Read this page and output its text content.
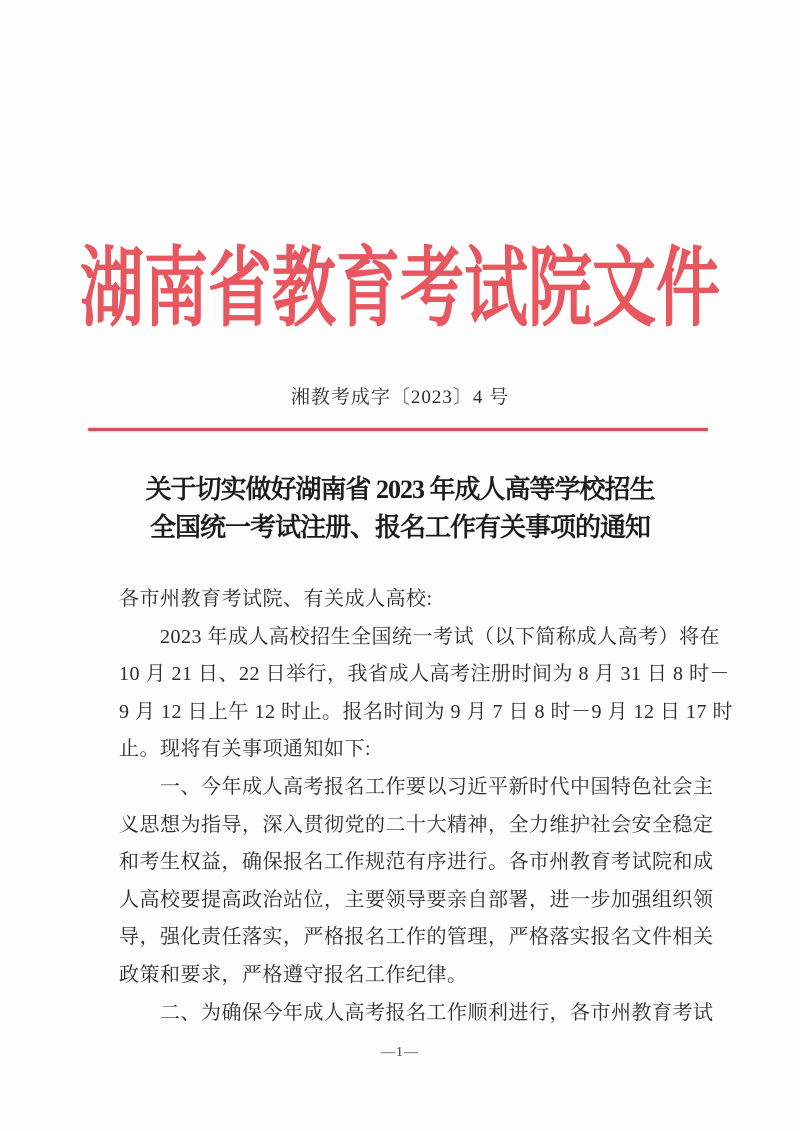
湖南省教育考试院文件
湘教考成字〔2023〕4 号
关于切实做好湖南省 2023 年成人高等学校招生
全国统一考试注册、报名工作有关事项的通知
各市州教育考试院、有关成人高校:
2023 年成人高校招生全国统一考试（以下简称成人高考）将在
10 月 21 日、22 日举行，我省成人高考注册时间为 8 月 31 日 8 时－
9 月 12 日上午 12 时止。报名时间为 9 月 7 日 8 时－9 月 12 日 17 时
止。现将有关事项通知如下:
一、今年成人高考报名工作要以习近平新时代中国特色社会主
义思想为指导，深入贯彻党的二十大精神，全力维护社会安全稳定
和考生权益，确保报名工作规范有序进行。各市州教育考试院和成
人高校要提高政治站位，主要领导要亲自部署，进一步加强组织领
导，强化责任落实，严格报名工作的管理，严格落实报名文件相关
政策和要求，严格遵守报名工作纪律。
二、为确保今年成人高考报名工作顺利进行，各市州教育考试
—1—
